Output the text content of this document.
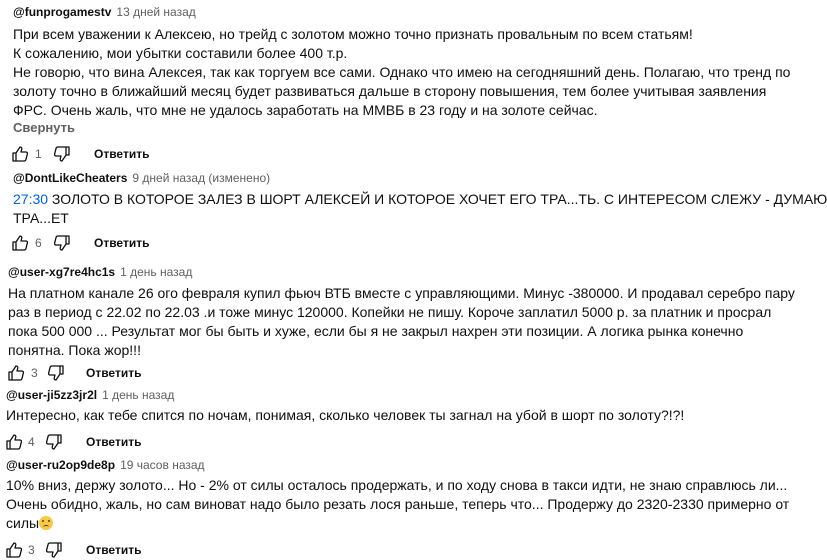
@funprogamestv 13 дней назад
При всем уважении к Алексею, но трейд с золотом можно точно признать провальным по всем статьям!
К сожалению, мои убытки составили более 400 т.р.
Не говорю, что вина Алексея, так как торгуем все сами. Однако что имею на сегодняшний день. Полагаю, что тренд по
золоту точно в ближайший месяц будет развиваться дальше в сторону повышения, тем более учитывая заявления
ФРС. Очень жаль, что мне не удалось заработать на ММВБ в 23 году и на золоте сейчас.
Свернуть
1	Ответить
@DontLikeCheaters 9 дней назад (изменено)
27:30 ЗОЛОТО В КОТОРОЕ ЗАЛЕЗ В ШОРТ АЛЕКСЕЙ И КОТОРОЕ ХОЧЕТ ЕГО ТРА...ТЬ. С ИНТЕРЕСОМ СЛЕЖУ - ДУМАЮ
ТРА...ЕТ
6	Ответить
@user-xg7re4hc1s 1 день назад
На платном канале 26 ого февраля купил фьюч ВТБ вместе с управляющими. Минус -380000. И продавал серебро пару
раз в период с 22.02 по 22.03 .и тоже минус 120000. Копейки не пишу. Короче заплатил 5000 р. за платник и просрал
пока 500 000 ... Результат мог бы быть и хуже, если бы я не закрыл нахрен эти позиции. А логика рынка конечно
понятна. Пока жор!!!
3	Ответить
@user-ji5zz3jr2l 1 день назад
Интересно, как тебе спится по ночам, понимая, сколько человек ты загнал на убой в шорт по золоту?!?!
4	Ответить
@user-ru2op9de8p 19 часов назад
10% вниз, держу золото... Но - 2% от силы осталось продержать, и по ходу снова в такси идти, не знаю справлюсь ли...
Очень обидно, жаль, но сам виноват надо было резать лося раньше, теперь что... Продержу до 2320-2330 примерно от
силы
3	Ответить
